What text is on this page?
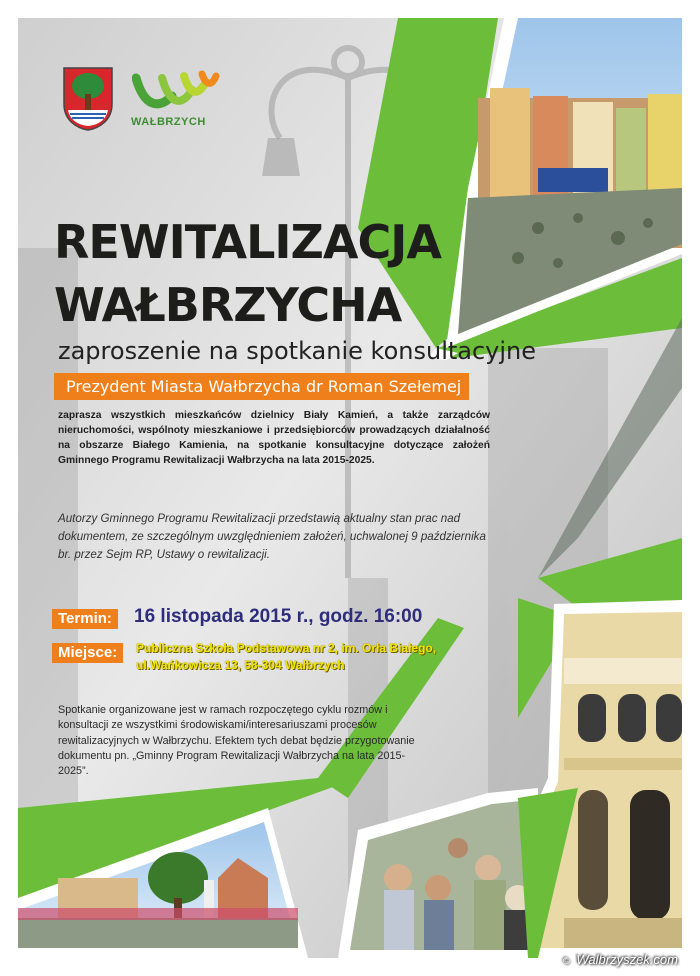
WAŁBRZYCH
REWITALIZACJA
WAŁBRZYCHA
zaproszenie na spotkanie konsultacyjne
Prezydent Miasta Wałbrzycha dr Roman Szełemej
zaprasza wszystkich mieszkańców dzielnicy Biały Kamień, a także zarządców nieruchomości, wspólnoty mieszkaniowe i przedsiębiorców prowadzących działalność na obszarze Białego Kamienia, na spotkanie konsultacyjne dotyczące założeń Gminnego Programu Rewitalizacji Wałbrzycha na lata 2015-2025.
Autorzy Gminnego Programu Rewitalizacji przedstawią aktualny stan prac nad dokumentem, ze szczególnym uwzględnieniem założeń, uchwalonej 9 października br. przez Sejm RP, Ustawy o rewitalizacji.
Termin:	16 listopada 2015 r., godz. 16:00
Miejsce:	Publiczna Szkoła Podstawowa nr 2, im. Orła Białego,
ul.Wańkowicza 13, 58-304 Wałbrzych
Spotkanie organizowane jest w ramach rozpoczętego cyklu rozmów i konsultacji ze wszystkimi środowiskami/interesariuszami procesów rewitalizacyjnych w Wałbrzychu. Efektem tych debat będzie przygotowanie dokumentu pn. „Gminny Program Rewitalizacji Wałbrzycha na lata 2015-2025”.
© Walbrzyszek.com
